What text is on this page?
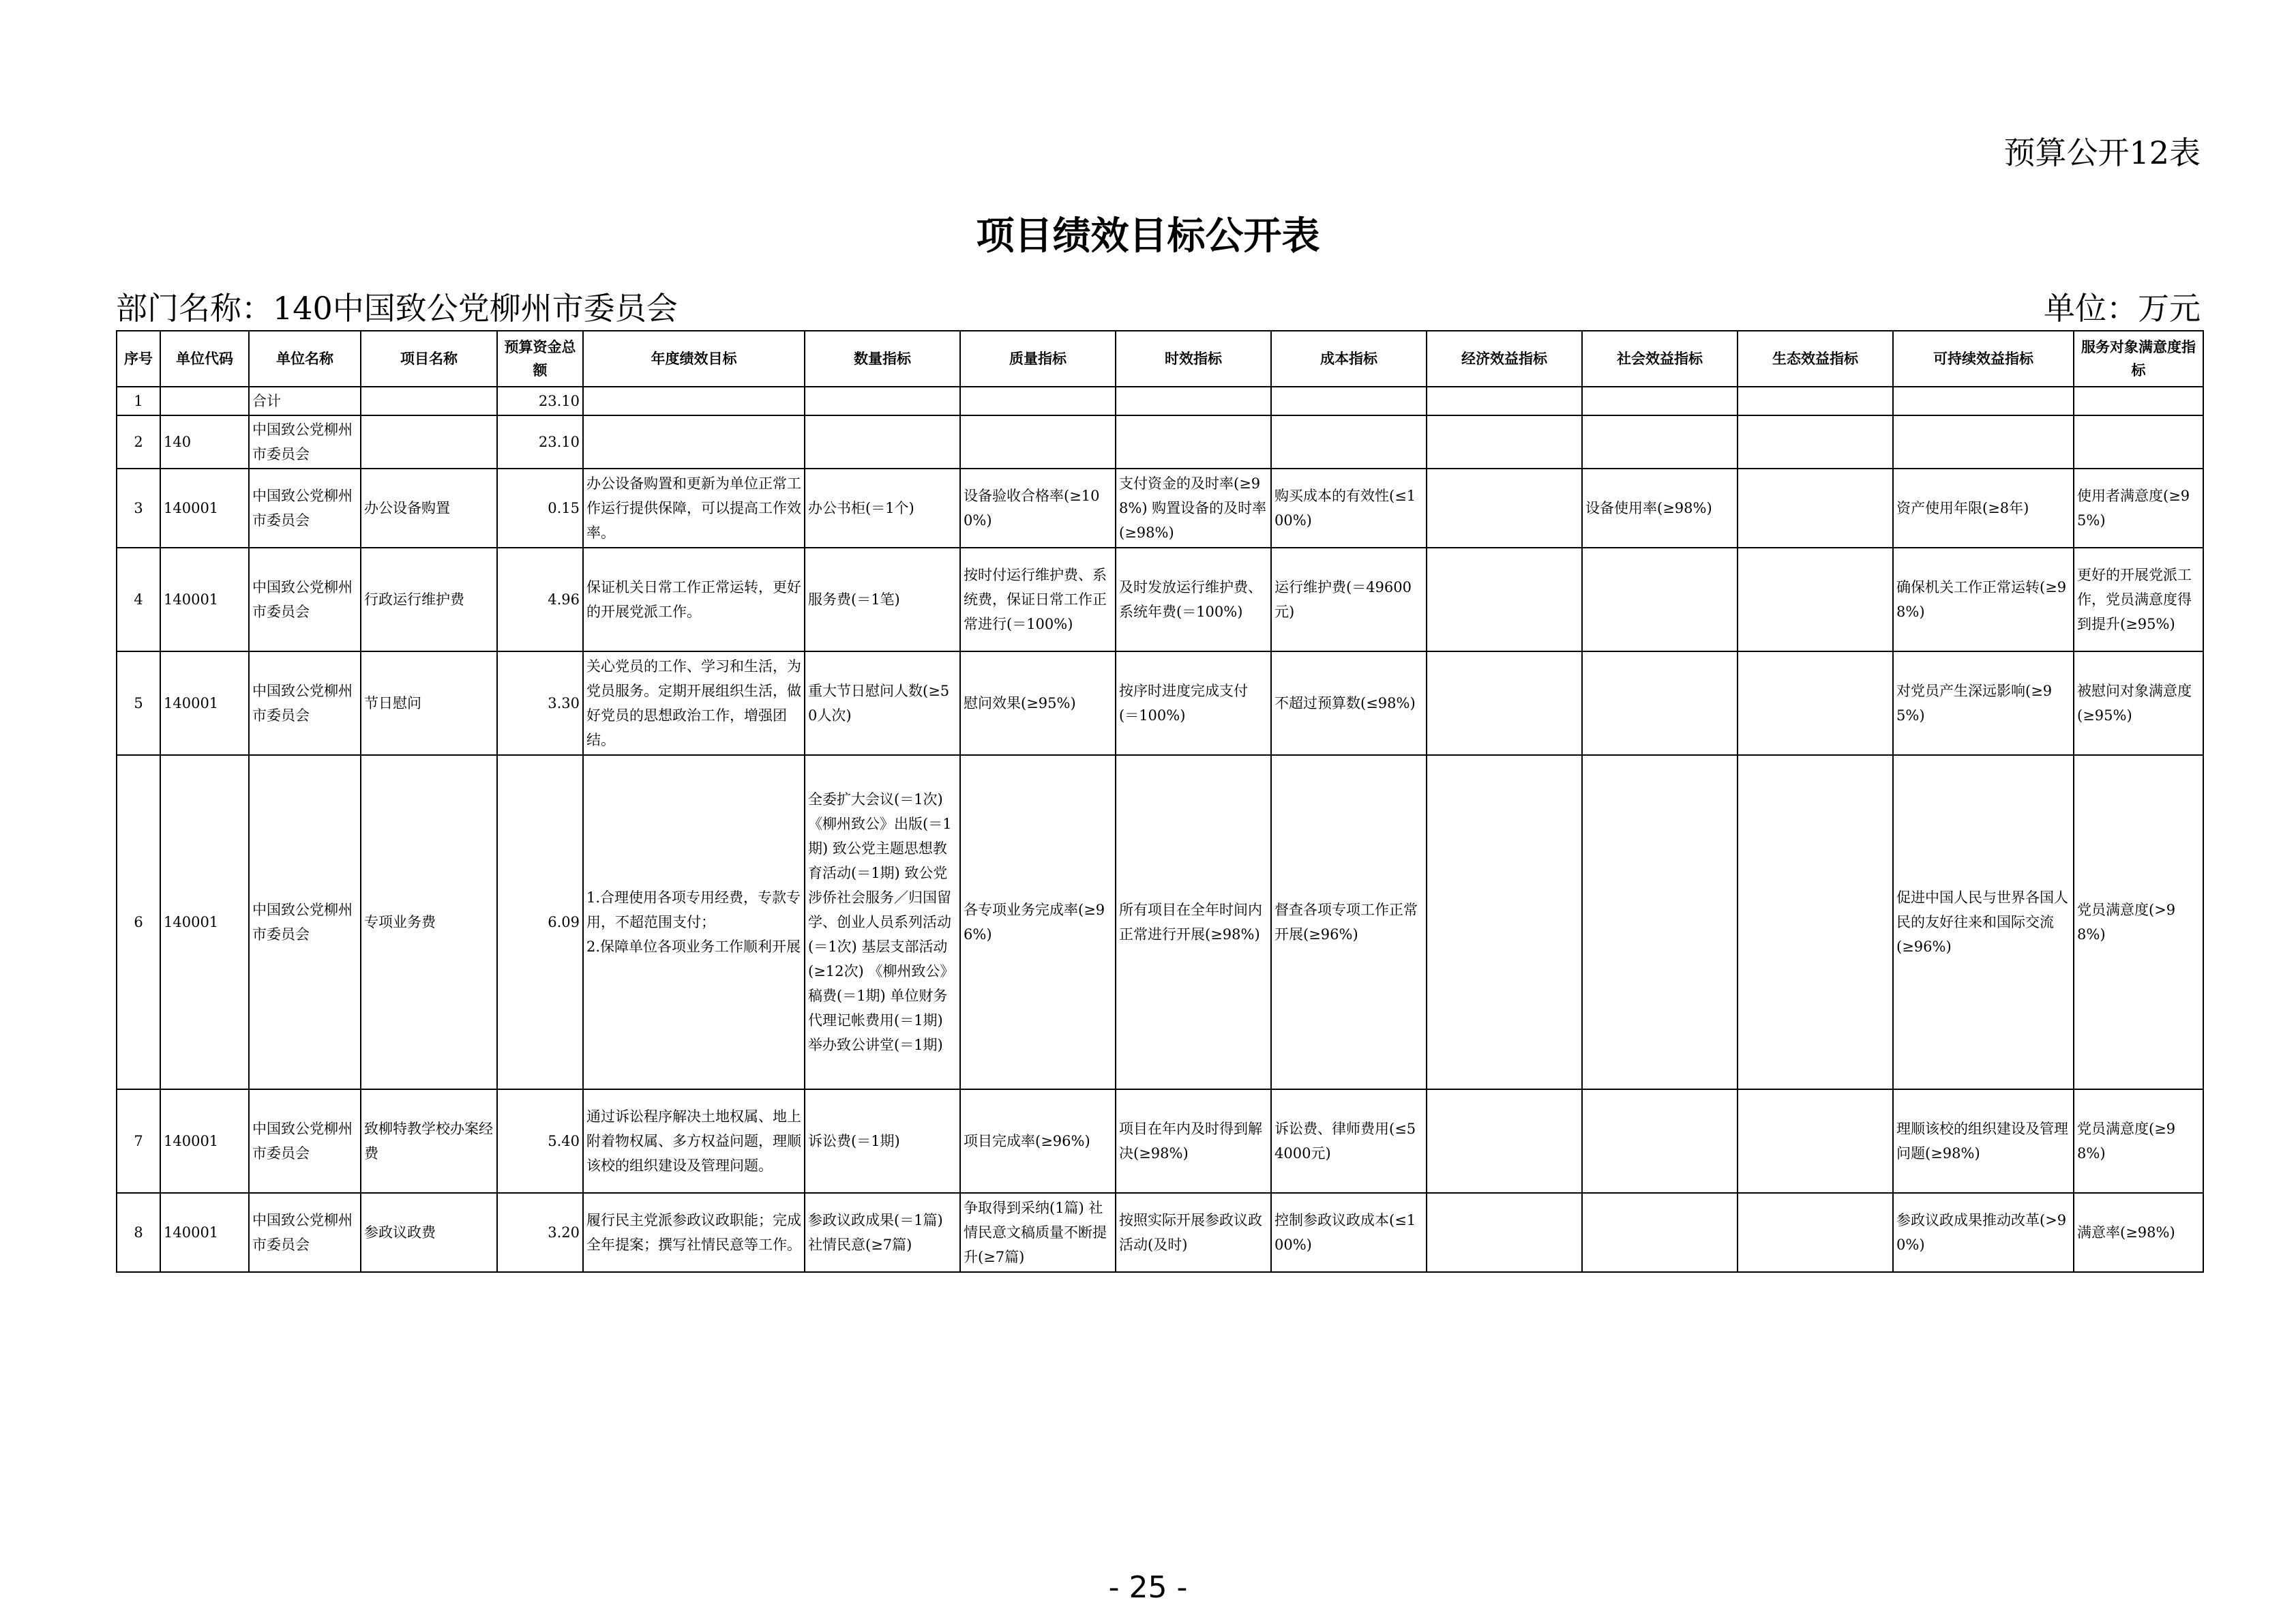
预算公开12表
项目绩效目标公开表
部门名称：140中国致公党柳州市委员会	单位：万元
序号	单位代码	单位名称	项目名称	预算资金总额	年度绩效目标	数量指标	质量指标	时效指标	成本指标	经济效益指标	社会效益指标	生态效益指标	可持续效益指标	服务对象满意度指标
1		合计		23.10										
2	140	中国致公党柳州市委员会		23.10										
3	140001	中国致公党柳州市委员会	办公设备购置	0.15	办公设备购置和更新为单位正常工作运行提供保障，可以提高工作效率。	办公书柜(＝1个)	设备验收合格率(≥100%)	支付资金的及时率(≥98%) 购置设备的及时率(≥98%)	购买成本的有效性(≤100%)		设备使用率(≥98%)		资产使用年限(≥8年)	使用者满意度(≥95%)
4	140001	中国致公党柳州市委员会	行政运行维护费	4.96	保证机关日常工作正常运转，更好的开展党派工作。	服务费(＝1笔)	按时付运行维护费、系统费，保证日常工作正常进行(＝100%)	及时发放运行维护费、系统年费(＝100%)	运行维护费(＝49600元)				确保机关工作正常运转(≥98%)	更好的开展党派工作，党员满意度得到提升(≥95%)
5	140001	中国致公党柳州市委员会	节日慰问	3.30	关心党员的工作、学习和生活，为党员服务。定期开展组织生活，做好党员的思想政治工作，增强团结。	重大节日慰问人数(≥50人次)	慰问效果(≥95%)	按序时进度完成支付(＝100%)	不超过预算数(≤98%)				对党员产生深远影响(≥95%)	被慰问对象满意度(≥95%)
6	140001	中国致公党柳州市委员会	专项业务费	6.09	1.合理使用各项专用经费，专款专用，不超范围支付；
2.保障单位各项业务工作顺利开展	全委扩大会议(＝1次) 《柳州致公》出版(＝1期) 致公党主题思想教育活动(＝1期) 致公党涉侨社会服务／归国留学、创业人员系列活动(＝1次) 基层支部活动(≥12次) 《柳州致公》稿费(＝1期) 单位财务代理记帐费用(＝1期) 举办致公讲堂(＝1期)	各专项业务完成率(≥96%)	所有项目在全年时间内正常进行开展(≥98%)	督查各项专项工作正常开展(≥96%)				促进中国人民与世界各国人民的友好往来和国际交流(≥96%)	党员满意度(>98%)
7	140001	中国致公党柳州市委员会	致柳特教学校办案经费	5.40	通过诉讼程序解决土地权属、地上附着物权属、多方权益问题，理顺该校的组织建设及管理问题。	诉讼费(＝1期)	项目完成率(≥96%)	项目在年内及时得到解决(≥98%)	诉讼费、律师费用(≤54000元)				理顺该校的组织建设及管理问题(≥98%)	党员满意度(≥98%)
8	140001	中国致公党柳州市委员会	参政议政费	3.20	履行民主党派参政议政职能；完成全年提案；撰写社情民意等工作。	参政议政成果(＝1篇) 社情民意(≥7篇)	争取得到采纳(1篇) 社情民意文稿质量不断提升(≥7篇)	按照实际开展参政议政活动(及时)	控制参政议政成本(≤100%)				参政议政成果推动改革(>90%)	满意率(≥98%)
- 25 -
